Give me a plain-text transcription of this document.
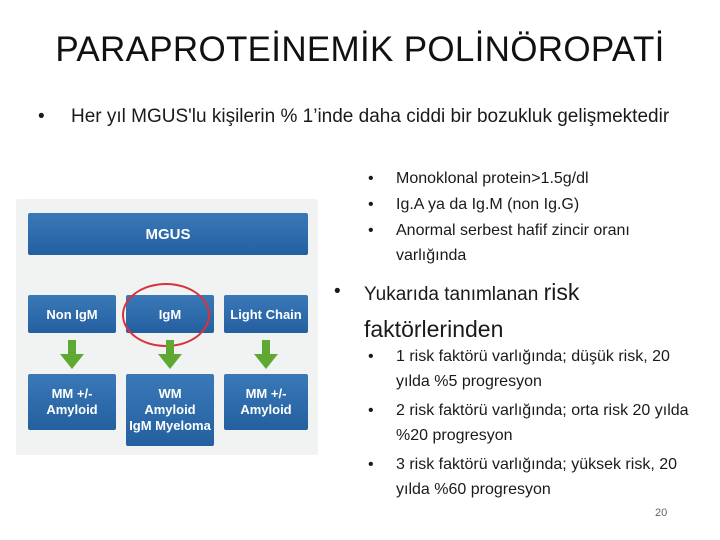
PARAPROTEİNEMİK POLİNÖROPATİ
•	Her yıl MGUS'lu kişilerin % 1’inde daha ciddi bir bozukluk gelişmektedir
MGUS
Non IgM	IgM	Light Chain
MM +/-
Amyloid
WM
Amyloid
IgM Myeloma
MM +/-
Amyloid
•	Monoklonal protein>1.5g/dl
•	Ig.A ya da Ig.M (non Ig.G)
•	Anormal serbest hafif zincir oranı varlığında
•	Yukarıda tanımlanan risk
faktörlerinden
•	1 risk faktörü varlığında; düşük risk, 20 yılda %5 progresyon
•	2 risk faktörü varlığında; orta risk 20 yılda %20 progresyon
•	3 risk faktörü varlığında; yüksek risk, 20 yılda %60 progresyon
20
